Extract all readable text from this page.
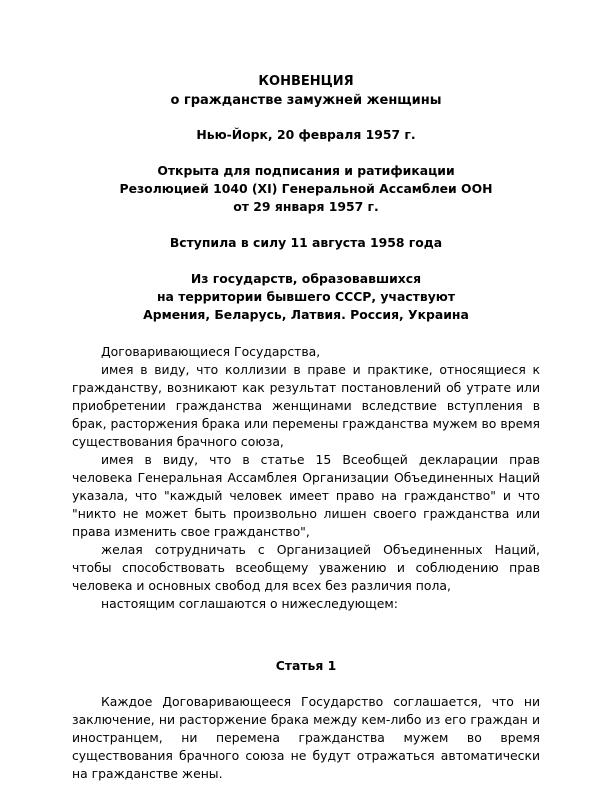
КОНВЕНЦИЯ
о гражданстве замужней женщины
Нью-Йорк, 20 февраля 1957 г.
Открыта для подписания и ратификации
Резолюцией 1040 (XI) Генеральной Ассамблеи ООН
от 29 января 1957 г.
Вступила в силу 11 августа 1958 года
Из государств, образовавшихся
на территории бывшего СССР, участвуют
Армения, Беларусь, Латвия. Россия, Украина

Договаривающиеся Государства,

имея в виду, что коллизии в праве и практике, относящиеся к гражданству, возникают как результат постановлений об утрате или приобретении гражданства женщинами вследствие вступления в брак, расторжения брака или перемены гражданства мужем во время существования брачного союза,

имея в виду, что в статье 15 Всеобщей декларации прав человека Генеральная Ассамблея Организации Объединенных Наций указала, что "каждый человек имеет право на гражданство" и что "никто не может быть произвольно лишен своего гражданства или права изменить свое гражданство",

желая сотрудничать с Организацией Объединенных Наций, чтобы способствовать всеобщему уважению и соблюдению прав человека и основных свобод для всех без различия пола,

настоящим соглашаются о нижеследующем:

Статья 1

Каждое Договаривающееся Государство соглашается, что ни заключение, ни расторжение брака между кем-либо из его граждан и иностранцем, ни перемена гражданства мужем во время существования брачного союза не будут отражаться автоматически на гражданстве жены.
